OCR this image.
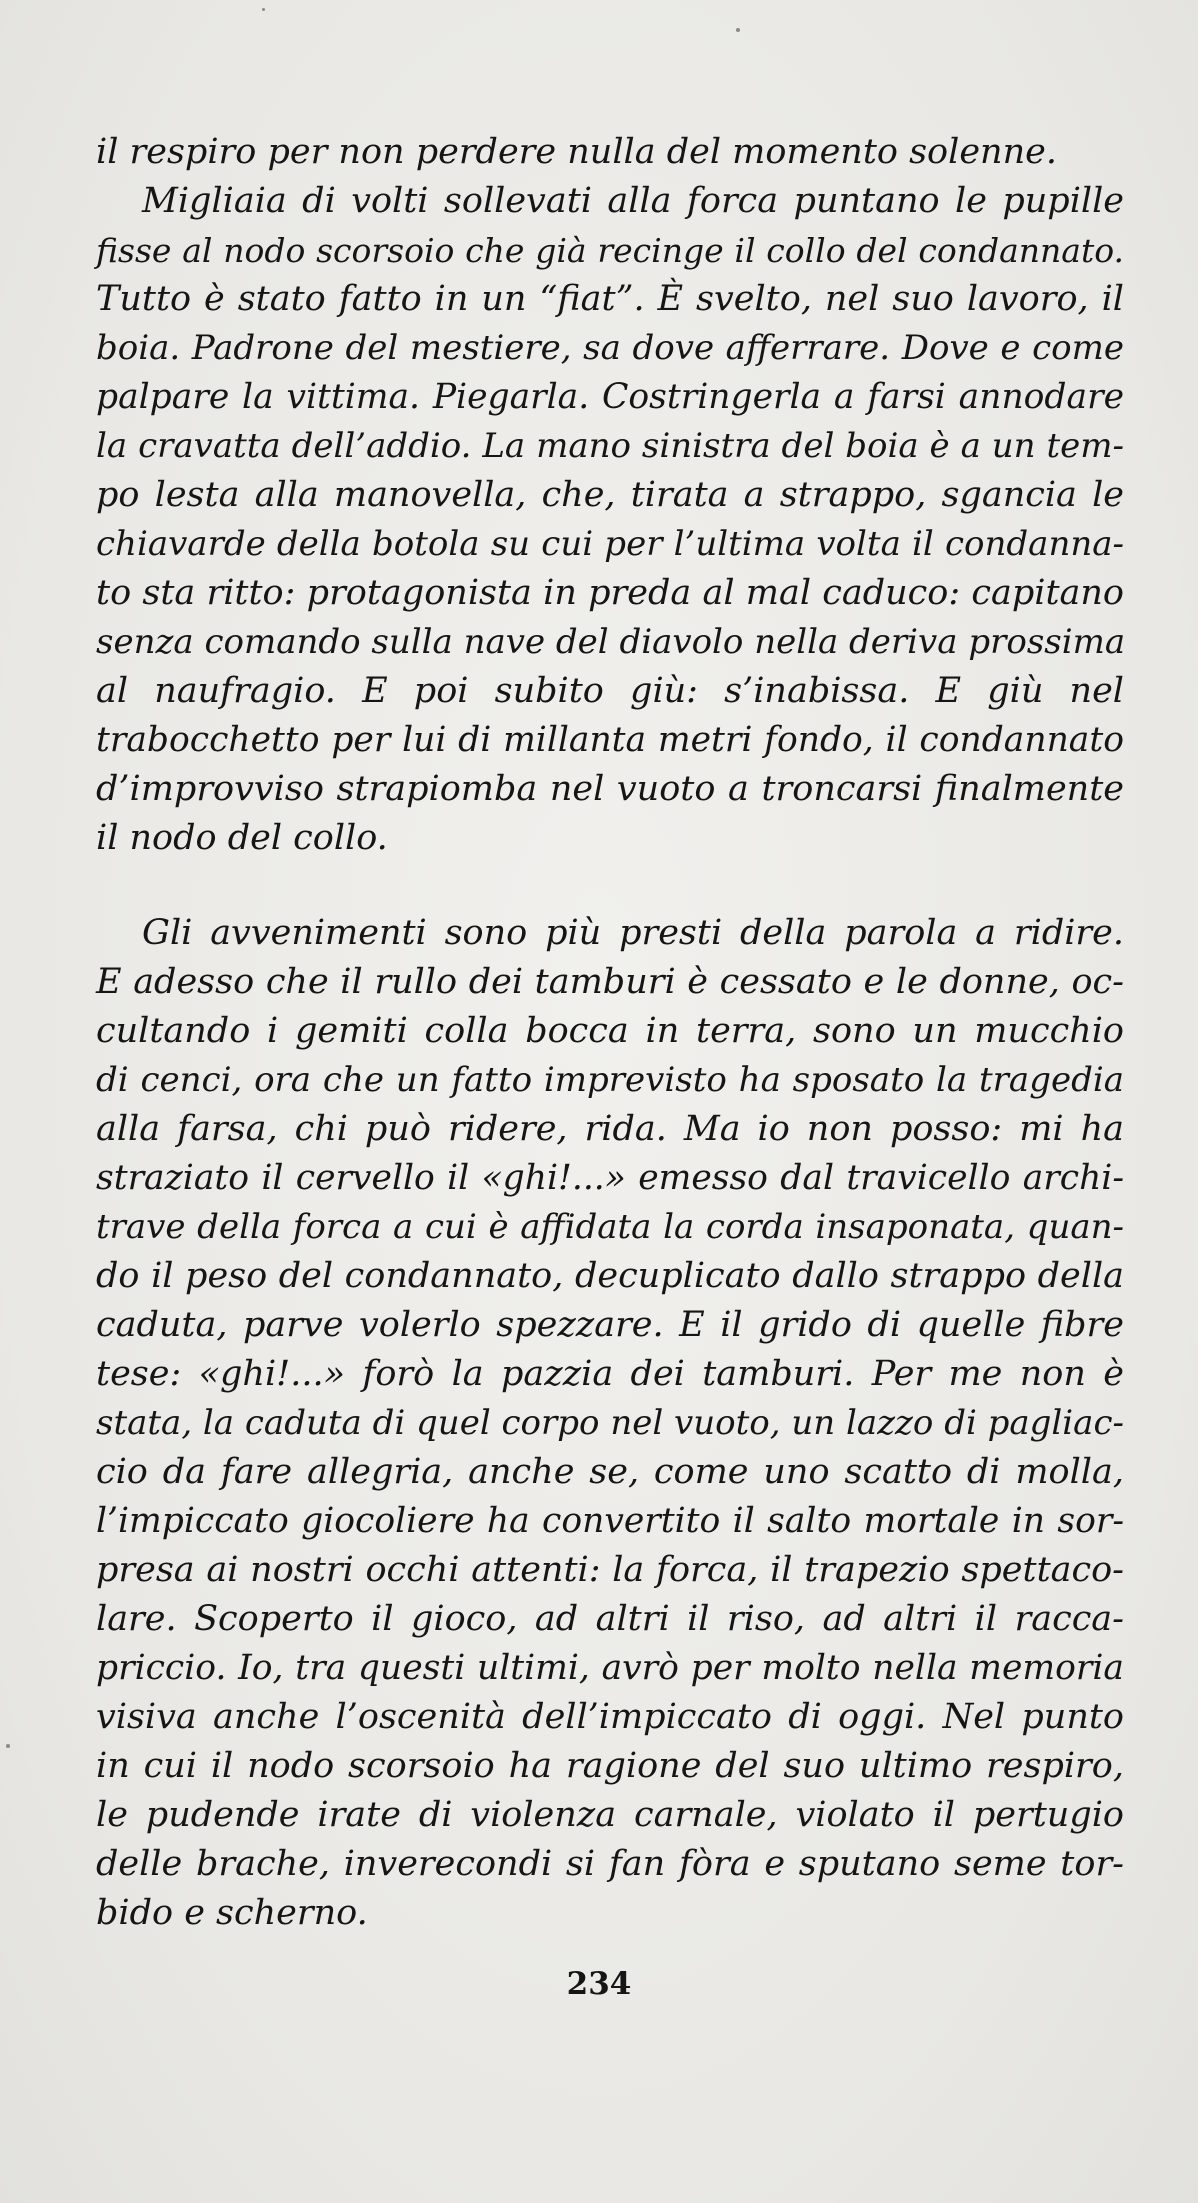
il respiro per non perdere nulla del momento solenne.
Migliaia di volti sollevati alla forca puntano le pupille
fisse al nodo scorsoio che già recinge il collo del condannato.
Tutto è stato fatto in un “fiat”. È svelto, nel suo lavoro, il
boia. Padrone del mestiere, sa dove afferrare. Dove e come
palpare la vittima. Piegarla. Costringerla a farsi annodare
la cravatta dell’addio. La mano sinistra del boia è a un tem-
po lesta alla manovella, che, tirata a strappo, sgancia le
chiavarde della botola su cui per l’ultima volta il condanna-
to sta ritto: protagonista in preda al mal caduco: capitano
senza comando sulla nave del diavolo nella deriva prossima
al naufragio. E poi subito giù: s’inabissa. E giù nel
trabocchetto per lui di millanta metri fondo, il condannato
d’improvviso strapiomba nel vuoto a troncarsi finalmente
il nodo del collo.
Gli avvenimenti sono più presti della parola a ridire.
E adesso che il rullo dei tamburi è cessato e le donne, oc-
cultando i gemiti colla bocca in terra, sono un mucchio
di cenci, ora che un fatto imprevisto ha sposato la tragedia
alla farsa, chi può ridere, rida. Ma io non posso: mi ha
straziato il cervello il «ghi!...» emesso dal travicello archi-
trave della forca a cui è affidata la corda insaponata, quan-
do il peso del condannato, decuplicato dallo strappo della
caduta, parve volerlo spezzare. E il grido di quelle fibre
tese: «ghi!...» forò la pazzia dei tamburi. Per me non è
stata, la caduta di quel corpo nel vuoto, un lazzo di pagliac-
cio da fare allegria, anche se, come uno scatto di molla,
l’impiccato giocoliere ha convertito il salto mortale in sor-
presa ai nostri occhi attenti: la forca, il trapezio spettaco-
lare. Scoperto il gioco, ad altri il riso, ad altri il racca-
priccio. Io, tra questi ultimi, avrò per molto nella memoria
visiva anche l’oscenità dell’impiccato di oggi. Nel punto
in cui il nodo scorsoio ha ragione del suo ultimo respiro,
le pudende irate di violenza carnale, violato il pertugio
delle brache, inverecondi si fan fòra e sputano seme tor-
bido e scherno.
234
